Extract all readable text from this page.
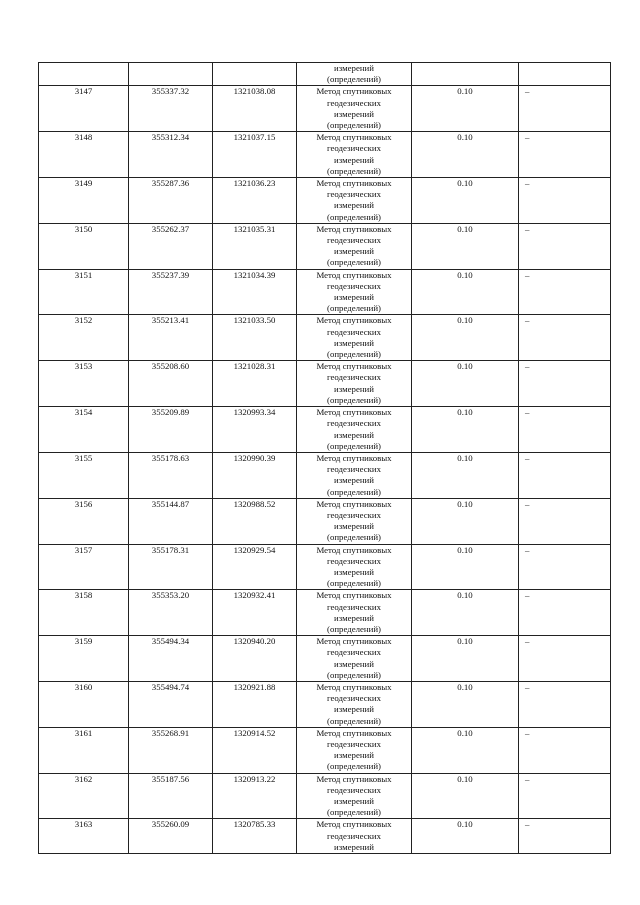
			измерений
(определений)		

3147	355337.32	1321038.08	Метод спутниковых
геодезических
измерений
(определений)	0.10	–
3148	355312.34	1321037.15	Метод спутниковых
геодезических
измерений
(определений)	0.10	–
3149	355287.36	1321036.23	Метод спутниковых
геодезических
измерений
(определений)	0.10	–
3150	355262.37	1321035.31	Метод спутниковых
геодезических
измерений
(определений)	0.10	–
3151	355237.39	1321034.39	Метод спутниковых
геодезических
измерений
(определений)	0.10	–
3152	355213.41	1321033.50	Метод спутниковых
геодезических
измерений
(определений)	0.10	–
3153	355208.60	1321028.31	Метод спутниковых
геодезических
измерений
(определений)	0.10	–
3154	355209.89	1320993.34	Метод спутниковых
геодезических
измерений
(определений)	0.10	–
3155	355178.63	1320990.39	Метод спутниковых
геодезических
измерений
(определений)	0.10	–
3156	355144.87	1320988.52	Метод спутниковых
геодезических
измерений
(определений)	0.10	–
3157	355178.31	1320929.54	Метод спутниковых
геодезических
измерений
(определений)	0.10	–
3158	355353.20	1320932.41	Метод спутниковых
геодезических
измерений
(определений)	0.10	–
3159	355494.34	1320940.20	Метод спутниковых
геодезических
измерений
(определений)	0.10	–
3160	355494.74	1320921.88	Метод спутниковых
геодезических
измерений
(определений)	0.10	–
3161	355268.91	1320914.52	Метод спутниковых
геодезических
измерений
(определений)	0.10	–
3162	355187.56	1320913.22	Метод спутниковых
геодезических
измерений
(определений)	0.10	–
3163	355260.09	1320785.33	Метод спутниковых
геодезических
измерений	0.10	–
